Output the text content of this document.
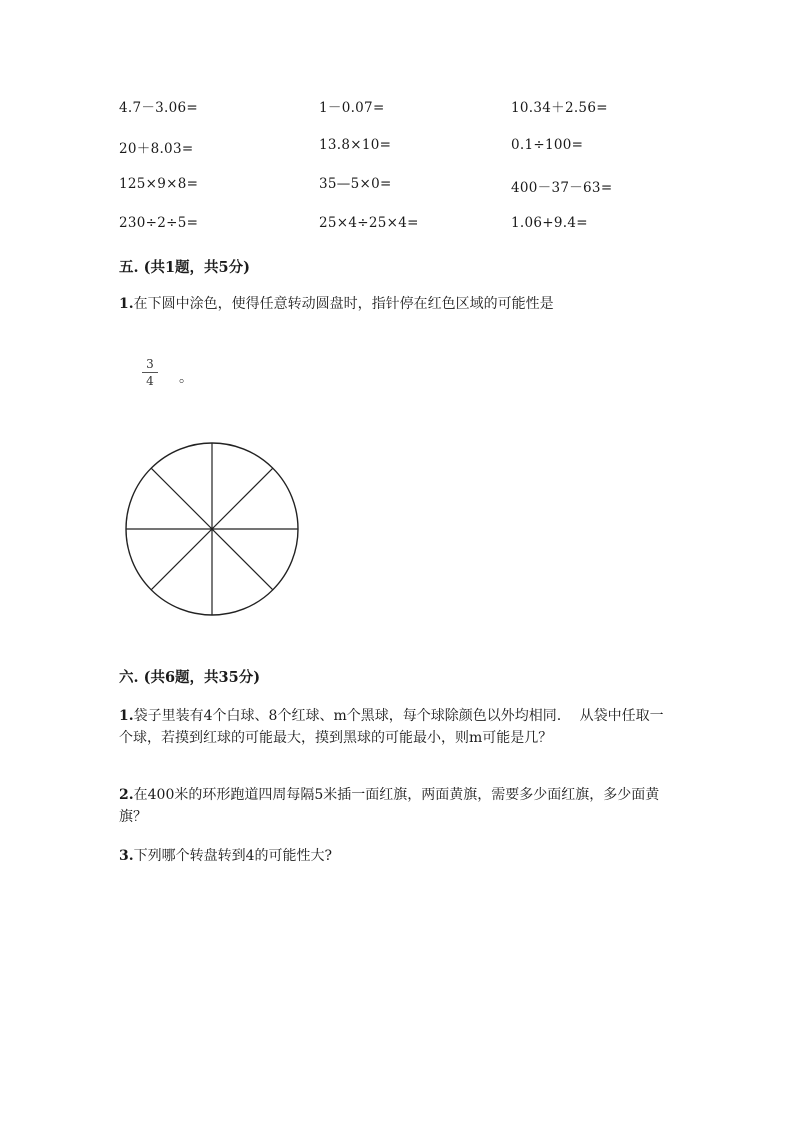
4.7－3.06=	1－0.07=	10.34＋2.56=
20＋8.03=	13.8×10=	0.1÷100=
125×9×8=	35—5×0=	400－37－63=
230÷2÷5=	25×4÷25×4=	1.06+9.4=
五. (共1题，共5分)
1.在下圆中涂色，使得任意转动圆盘时，指针停在红色区域的可能性是
3
4 。
六. (共6题，共35分)
1.袋子里装有4个白球、8个红球、m个黑球，每个球除颜色以外均相同.　 从袋中任取一个球，若摸到红球的可能最大，摸到黑球的可能最小，则m可能是几？
2.在400米的环形跑道四周每隔5米插一面红旗，两面黄旗，需要多少面红旗，多少面黄旗？
3.下列哪个转盘转到4的可能性大?
